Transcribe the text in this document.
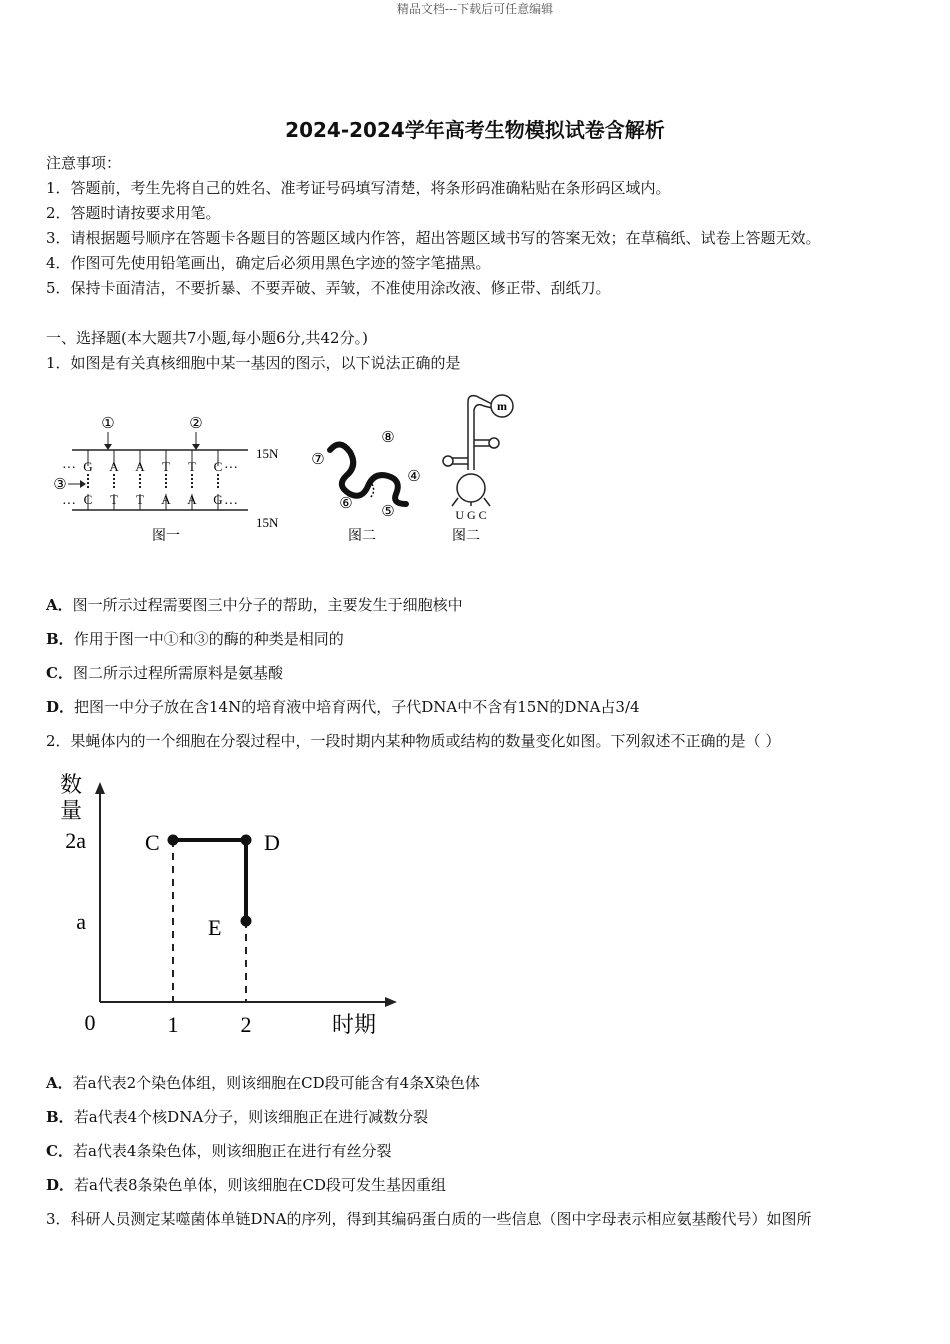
精品文档---下载后可任意编辑
2024-2024学年高考生物模拟试卷含解析
注意事项：
1．答题前，考生先将自己的姓名、准考证号码填写清楚，将条形码准确粘贴在条形码区域内。
2．答题时请按要求用笔。
3．请根据题号顺序在答题卡各题目的答题区域内作答，超出答题区域书写的答案无效；在草稿纸、试卷上答题无效。
4．作图可先使用铅笔画出，确定后必须用黑色字迹的签字笔描黑。
5．保持卡面清洁，不要折暴、不要弄破、弄皱，不准使用涂改液、修正带、刮纸刀。
一、选择题(本大题共7小题,每小题6分,共42分。)
1．如图是有关真核细胞中某一基因的图示，以下说法正确的是
···	···
···	···
G A A T T C
C T T A A G
①	②
③
15N
15N
图一
⑦
⑧
④
⑥ ⑤
图二
m
U G C
图二
A．图一所示过程需要图三中分子的帮助，主要发生于细胞核中
B．作用于图一中①和③的酶的种类是相同的
C．图二所示过程所需原料是氨基酸
D．把图一中分子放在含14N的培育液中培育两代，子代DNA中不含有15N的DNA占3/4
2．果蝇体内的一个细胞在分裂过程中，一段时期内某种物质或结构的数量变化如图。下列叙述不正确的是（ ）
数量
时期
0
a
2a
1	2
C	D
E
A．若a代表2个染色体组，则该细胞在CD段可能含有4条X染色体
B．若a代表4个核DNA分子，则该细胞正在进行减数分裂
C．若a代表4条染色体，则该细胞正在进行有丝分裂
D．若a代表8条染色单体，则该细胞在CD段可发生基因重组
3．科研人员测定某噬菌体单链DNA的序列，得到其编码蛋白质的一些信息（图中字母表示相应氨基酸代号）如图所
